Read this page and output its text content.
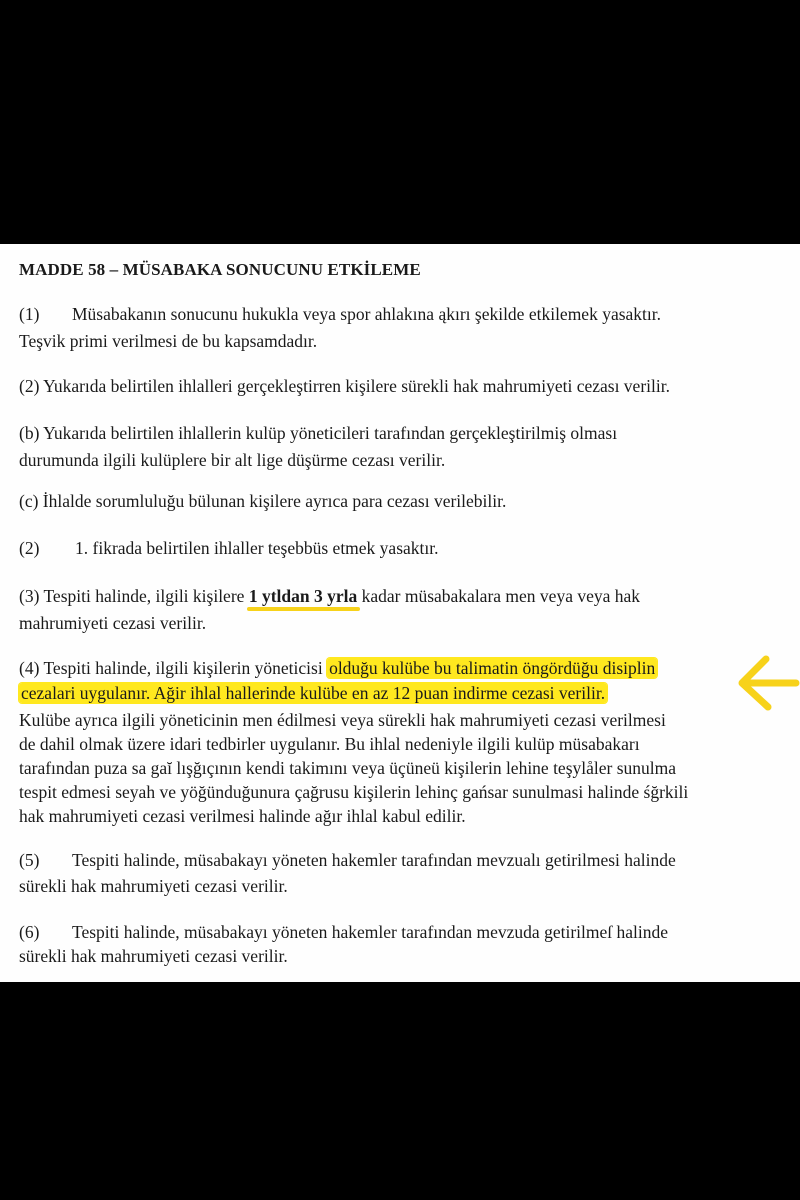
MADDE 58 – MÜSABAKA SONUCUNU ETKİLEME
(1) Müsabakanın sonucunu hukukla veya spor ahlakına ąkırı şekilde etkilemek yasaktır.
Teşvik primi verilmesi de bu kapsamdadır.
(2) Yukarıda belirtilen ihlalleri gerçekleştirren kişilere sürekli hak mahrumiyeti cezası verilir.
(b) Yukarıda belirtilen ihlallerin kulüp yöneticileri tarafından gerçekleştirilmiş olması
durumunda ilgili kulüplere bir alt lige düşürme cezası verilir.
(c) İhlalde sorumluluğu bülunan kişilere ayrıca para cezası verilebilir.
(2) 1. fikrada belirtilen ihlaller teşebbüs etmek yasaktır.
(3) Tespiti halinde, ilgili kişilere 1 ytldan 3 yrla kadar müsabakalara men veya veya hak
mahrumiyeti cezasi verilir.
(4) Tespiti halinde, ilgili kişilerin yöneticisi olduğu kulübe bu talimatin öngördüğu disiplin
cezalari uygulanır. Ağir ihlal hallerinde kulübe en az 12 puan indirme cezasi verilir.
Kulübe ayrıca ilgili yöneticinin men édilmesi veya sürekli hak mahrumiyeti cezasi verilmesi
de dahil olmak üzere idari tedbirler uygulanır. Bu ihlal nedeniyle ilgili kulüp müsabakarı
tarafından puza sa gaĭ lışğıçının kendi takimını veya üçüneü kişilerin lehine teşylåler sunulma
tespit edmesi seyah ve yöğünduğunura çağrusu kişilerin lehinç gańsar sunulmasi halinde śğrkili
hak mahrumiyeti cezasi verilmesi halinde ağır ihlal kabul edilir.
(5) Tespiti halinde, müsabakayı yöneten hakemler tarafından mevzualı getirilmesi halinde
sürekli hak mahrumiyeti cezasi verilir.
(6) Tespiti halinde, müsabakayı yöneten hakemler tarafından mevzuda getirilmeſ halinde
sürekli hak mahrumiyeti cezasi verilir.
